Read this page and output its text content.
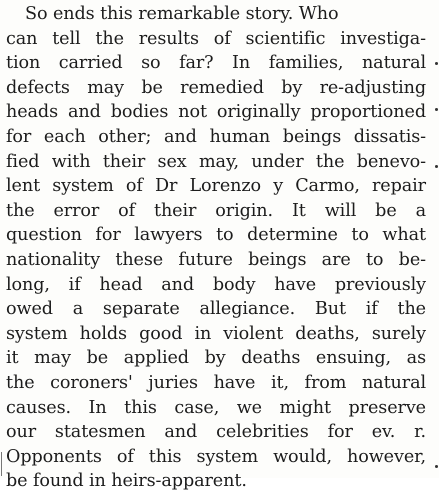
So ends this remarkable story. Who
can tell the results of scientific investiga-
tion carried so far? In families, natural
defects may be remedied by re-adjusting
heads and bodies not originally proportioned
for each other; and human beings dissatis-
fied with their sex may, under the benevo-
lent system of Dr Lorenzo y Carmo, repair
the error of their origin. It will be a
question for lawyers to determine to what
nationality these future beings are to be-
long, if head and body have previously
owed a separate allegiance. But if the
system holds good in violent deaths, surely
it may be applied by deaths ensuing, as
the coroners' juries have it, from natural
causes. In this case, we might preserve
our statesmen and celebrities for ev. r.
Opponents of this system would, however,
be found in heirs-apparent.
